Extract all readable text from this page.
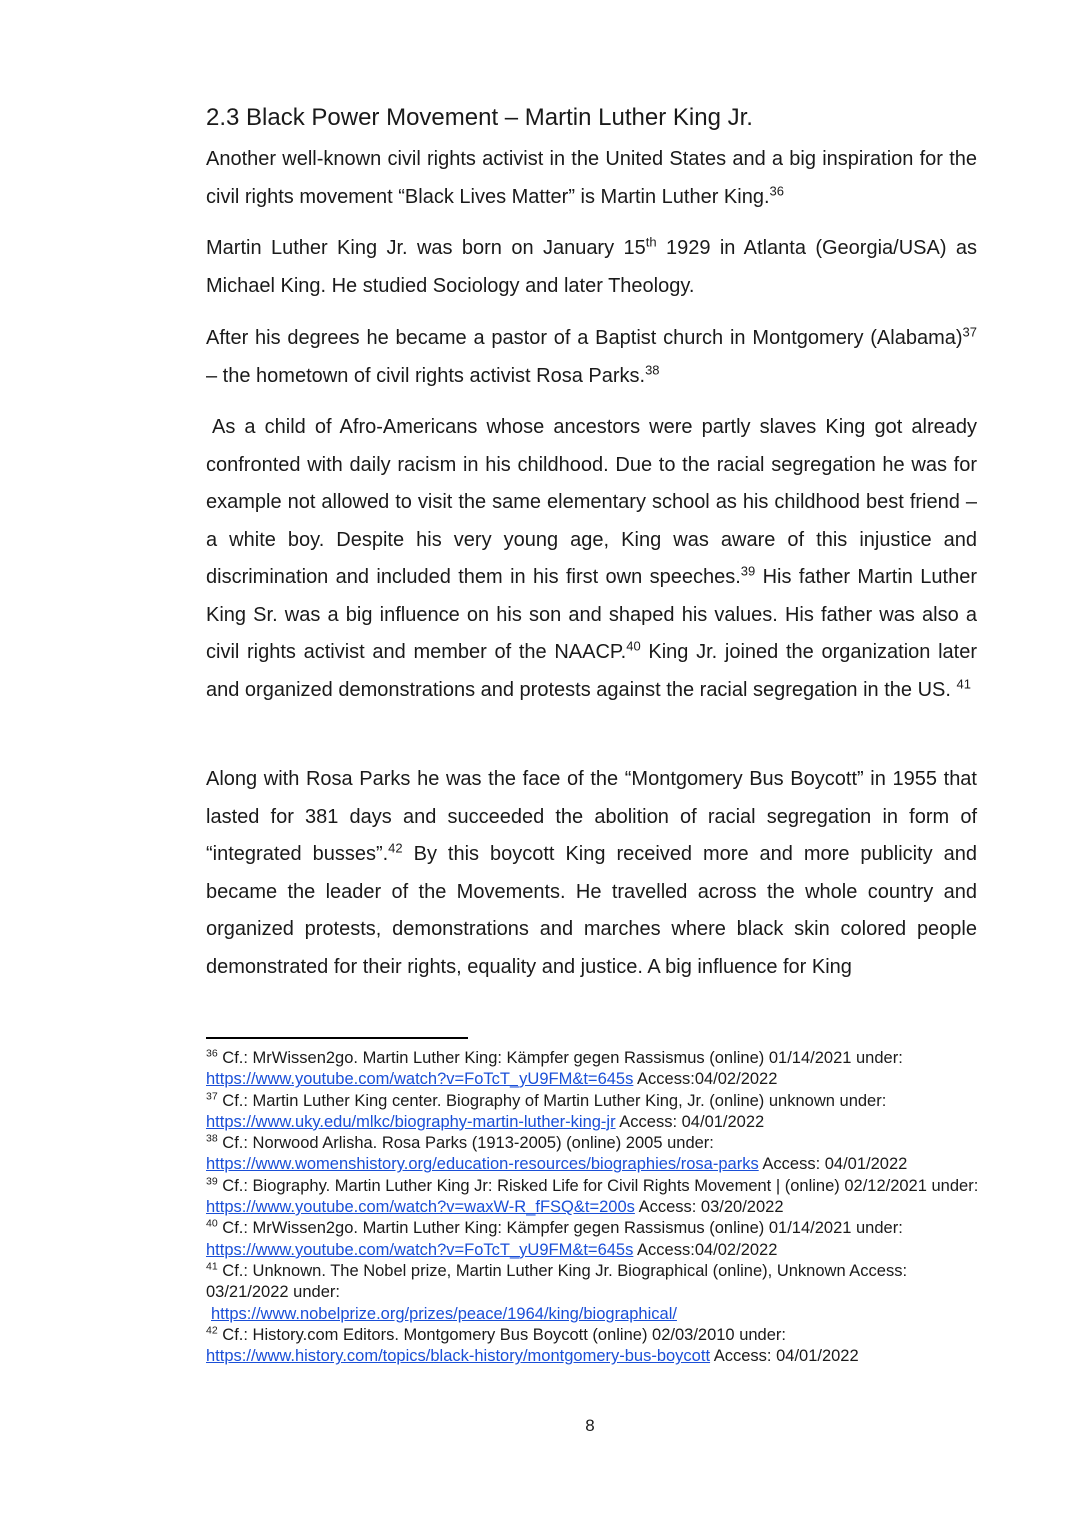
2.3 Black Power Movement – Martin Luther King Jr.

Another well-known civil rights activist in the United States and a big inspiration for the civil rights movement “Black Lives Matter” is Martin Luther King.$^{36}$

Martin Luther King Jr. was born on January 15th 1929 in Atlanta (Georgia/USA) as Michael King. He studied Sociology and later Theology.

After his degrees he became a pastor of a Baptist church in Montgomery (Alabama)$^{37}$ – the hometown of civil rights activist Rosa Parks.$^{38}$

As a child of Afro-Americans whose ancestors were partly slaves King got already confronted with daily racism in his childhood. Due to the racial segregation he was for example not allowed to visit the same elementary school as his childhood best friend – a white boy. Despite his very young age, King was aware of this injustice and discrimination and included them in his first own speeches.$^{39}$ His father Martin Luther King Sr. was a big influence on his son and shaped his values. His father was also a civil rights activist and member of the NAACP.$^{40}$ King Jr. joined the organization later and organized demonstrations and protests against the racial segregation in the US. $^{41}$

Along with Rosa Parks he was the face of the “Montgomery Bus Boycott” in 1955 that lasted for 381 days and succeeded the abolition of racial segregation in form of “integrated busses”.$^{42}$ By this boycott King received more and more publicity and became the leader of the Movements. He travelled across the whole country and organized protests, demonstrations and marches where black skin colored people demonstrated for their rights, equality and justice. A big influence for King

$^{36}$ Cf.: MrWissen2go. Martin Luther King: Kämpfer gegen Rassismus (online) 01/14/2021 under:
https://www.youtube.com/watch?v=FoTcT_yU9FM&t=645s Access:04/02/2022

$^{37}$ Cf.: Martin Luther King center. Biography of Martin Luther King, Jr. (online) unknown under:
https://www.uky.edu/mlkc/biography-martin-luther-king-jr Access: 04/01/2022

$^{38}$ Cf.: Norwood Arlisha. Rosa Parks (1913-2005) (online) 2005 under:
https://www.womenshistory.org/education-resources/biographies/rosa-parks Access: 04/01/2022

$^{39}$ Cf.: Biography. Martin Luther King Jr: Risked Life for Civil Rights Movement | (online) 02/12/2021 under: https://www.youtube.com/watch?v=waxW-R_fFSQ&t=200s Access: 03/20/2022

$^{40}$ Cf.: MrWissen2go. Martin Luther King: Kämpfer gegen Rassismus (online) 01/14/2021 under:
https://www.youtube.com/watch?v=FoTcT_yU9FM&t=645s Access:04/02/2022

$^{41}$ Cf.: Unknown. The Nobel prize, Martin Luther King Jr. Biographical (online), Unknown Access: 03/21/2022 under:
https://www.nobelprize.org/prizes/peace/1964/king/biographical/

$^{42}$ Cf.: History.com Editors. Montgomery Bus Boycott (online) 02/03/2010 under:
https://www.history.com/topics/black-history/montgomery-bus-boycott Access: 04/01/2022

8
